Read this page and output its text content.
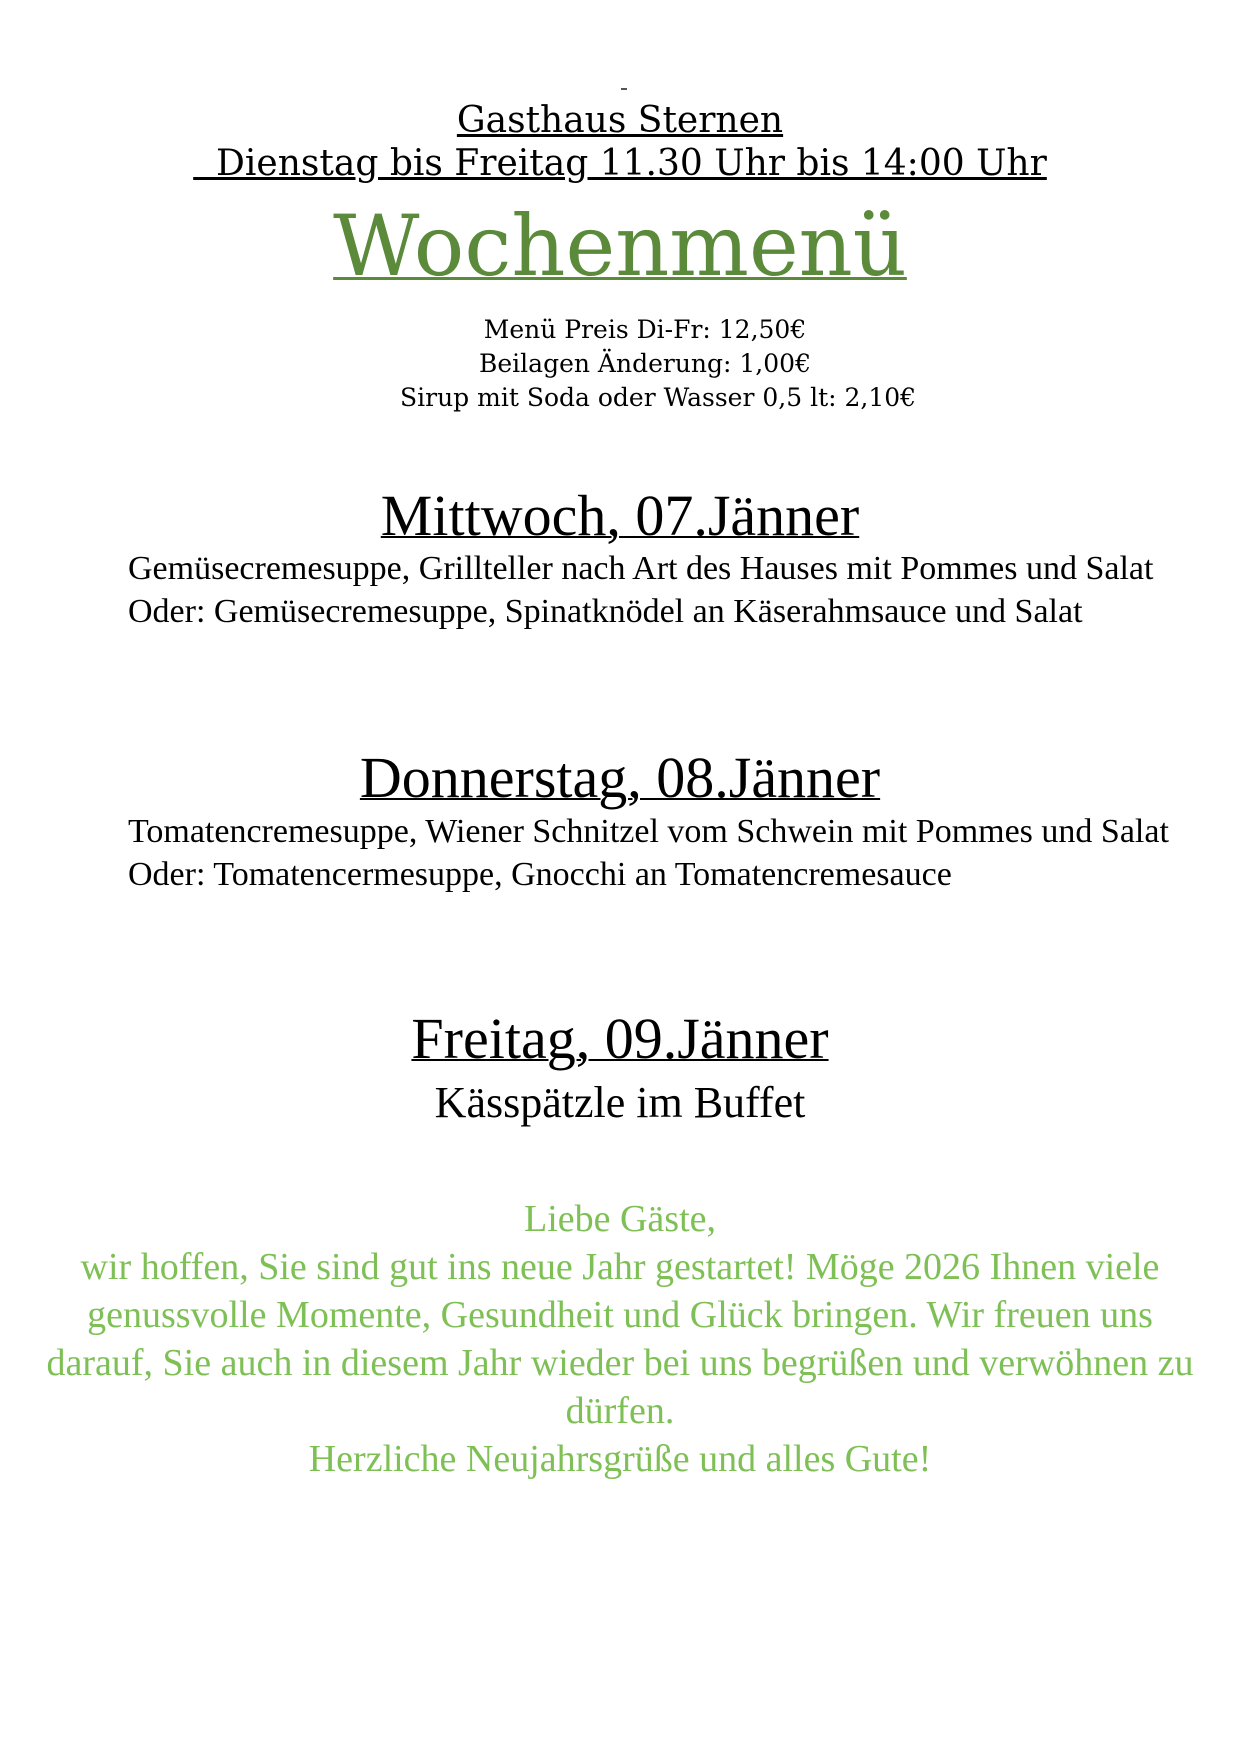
Gasthaus Sternen
Dienstag bis Freitag 11.30 Uhr bis 14:00 Uhr
Wochenmenü
Menü Preis Di-Fr: 12,50€
Beilagen Änderung: 1,00€
Sirup mit Soda oder Wasser 0,5 lt: 2,10€
Mittwoch, 07.Jänner
Gemüsecremesuppe, Grillteller nach Art des Hauses mit Pommes und Salat
Oder: Gemüsecremesuppe, Spinatknödel an Käserahmsauce und Salat
Donnerstag, 08.Jänner
Tomatencremesuppe, Wiener Schnitzel vom Schwein mit Pommes und Salat
Oder: Tomatencermesuppe, Gnocchi an Tomatencremesauce
Freitag, 09.Jänner
Kässpätzle im Buffet
Liebe Gäste,
wir hoffen, Sie sind gut ins neue Jahr gestartet! Möge 2026 Ihnen viele genussvolle Momente, Gesundheit und Glück bringen. Wir freuen uns darauf, Sie auch in diesem Jahr wieder bei uns begrüßen und verwöhnen zu dürfen.
Herzliche Neujahrsgrüße und alles Gute!
